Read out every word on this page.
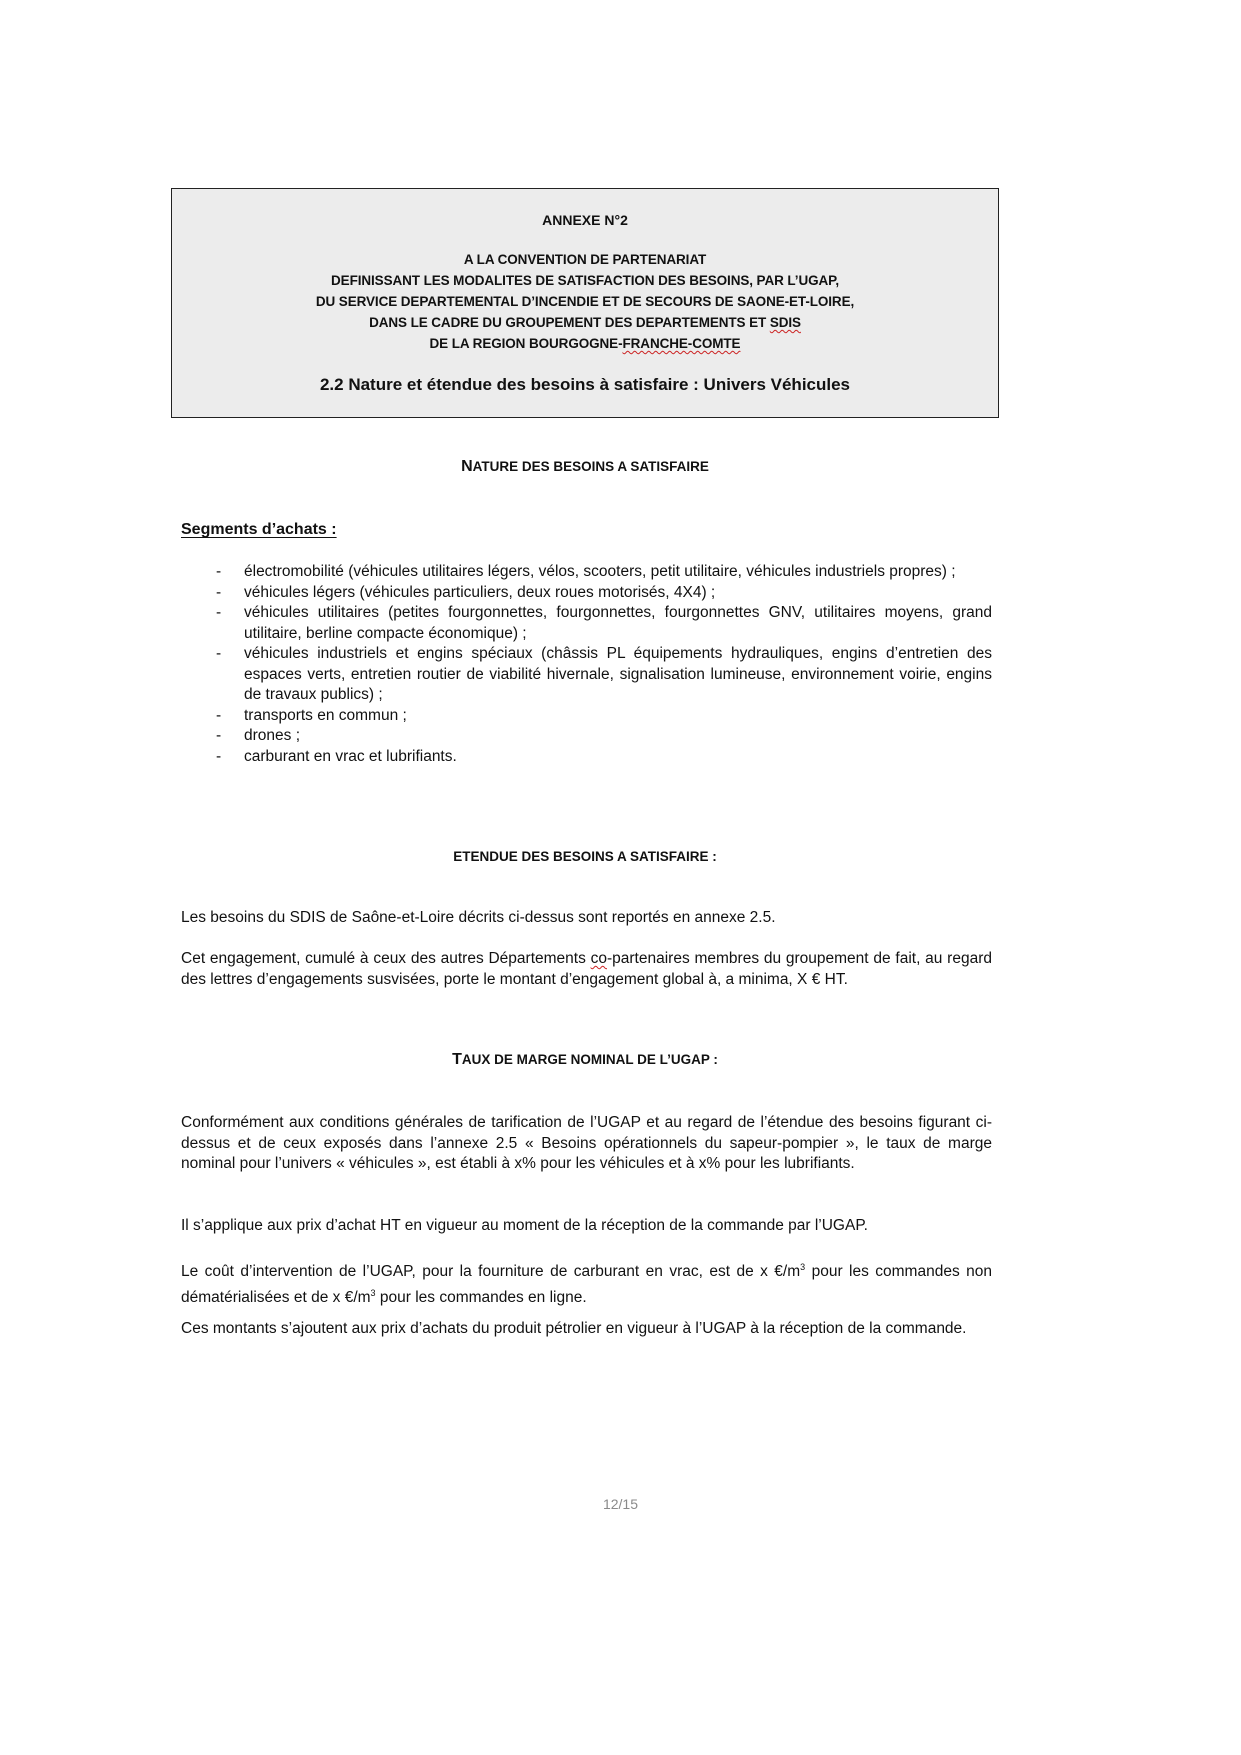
ANNEXE N°2
A LA CONVENTION DE PARTENARIAT
DEFINISSANT LES MODALITES DE SATISFACTION DES BESOINS, PAR L’UGAP,
DU SERVICE DEPARTEMENTAL D’INCENDIE ET DE SECOURS DE SAONE-ET-LOIRE,
DANS LE CADRE DU GROUPEMENT DES DEPARTEMENTS ET SDIS
DE LA REGION BOURGOGNE-FRANCHE-COMTE
2.2 Nature et étendue des besoins à satisfaire : Univers Véhicules
NATURE DES BESOINS A SATISFAIRE
Segments d’achats :
- électromobilité (véhicules utilitaires légers, vélos, scooters, petit utilitaire, véhicules industriels propres) ;
- véhicules légers (véhicules particuliers, deux roues motorisés, 4X4) ;
- véhicules utilitaires (petites fourgonnettes, fourgonnettes, fourgonnettes GNV, utilitaires moyens, grand utilitaire, berline compacte économique) ;
- véhicules industriels et engins spéciaux (châssis PL équipements hydrauliques, engins d’entretien des espaces verts, entretien routier de viabilité hivernale, signalisation lumineuse, environnement voirie, engins de travaux publics) ;
- transports en commun ;
- drones ;
- carburant en vrac et lubrifiants.
ETENDUE DES BESOINS A SATISFAIRE :

Les besoins du SDIS de Saône-et-Loire décrits ci-dessus sont reportés en annexe 2.5.

Cet engagement, cumulé à ceux des autres Départements co-partenaires membres du groupement de fait, au regard des lettres d’engagements susvisées, porte le montant d’engagement global à, a minima, X € HT.

TAUX DE MARGE NOMINAL DE L’UGAP :

Conformément aux conditions générales de tarification de l’UGAP et au regard de l’étendue des besoins figurant ci-dessus et de ceux exposés dans l’annexe 2.5 « Besoins opérationnels du sapeur-pompier », le taux de marge nominal pour l’univers « véhicules », est établi à x% pour les véhicules et à x% pour les lubrifiants.

Il s’applique aux prix d’achat HT en vigueur au moment de la réception de la commande par l’UGAP.

Le coût d’intervention de l’UGAP, pour la fourniture de carburant en vrac, est de x $€/m^3$ pour les commandes non dématérialisées et de x $€/m^3$ pour les commandes en ligne.

Ces montants s’ajoutent aux prix d’achats du produit pétrolier en vigueur à l’UGAP à la réception de la commande.

12/15
